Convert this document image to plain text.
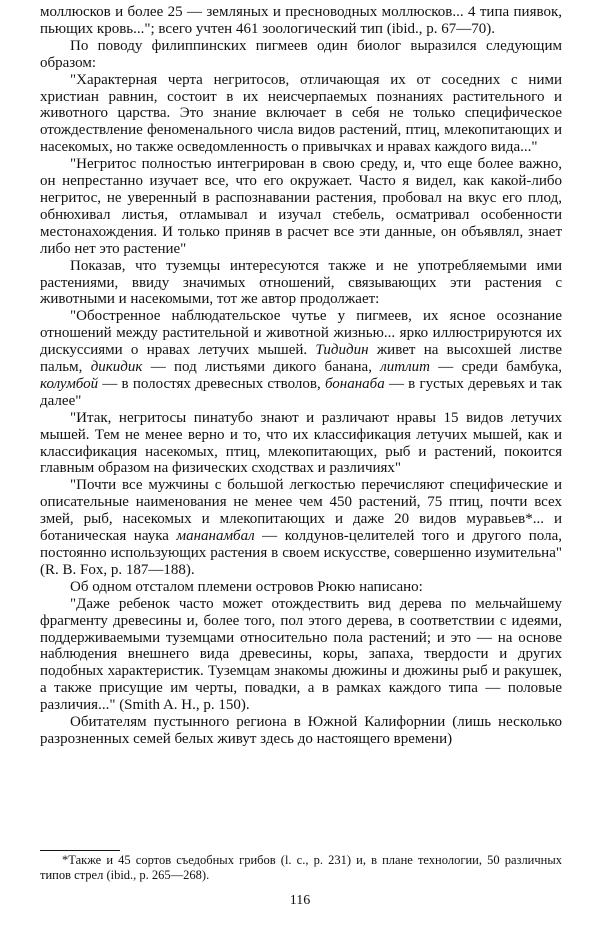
моллюсков и более 25 — земляных и пресноводных моллюсков... 4 типа пиявок, пьющих кровь..."; всего учтен 461 зоологический тип (ibid., р. 67—70).

По поводу филиппинских пигмеев один биолог выразился следующим образом:

"Характерная черта негритосов, отличающая их от соседних с ними христиан равнин, состоит в их неисчерпаемых познаниях растительного и животного царства. Это знание включает в себя не только специфическое отождествление феноменального числа видов растений, птиц, млекопитающих и насекомых, но также осведомленность о привычках и нравах каждого вида..."

"Негритос полностью интегрирован в свою среду, и, что еще более важно, он непрестанно изучает все, что его окружает. Часто я видел, как какой-либо негритос, не уверенный в распознавании растения, пробовал на вкус его плод, обнюхивал листья, отламывал и изучал стебель, осматривал особенности местонахождения. И только приняв в расчет все эти данные, он объявлял, знает либо нет это растение"

Показав, что туземцы интересуются также и не употребляемыми ими растениями, ввиду значимых отношений, связывающих эти растения с животными и насекомыми, тот же автор продолжает:

"Обостренное наблюдательское чутье у пигмеев, их ясное осознание отношений между растительной и животной жизнью... ярко иллюстрируются их дискуссиями о нравах летучих мышей. Тидидин живет на высохшей листве пальм, дикидик — под листьями дикого банана, литлит — среди бамбука, колумбой — в полостях древесных стволов, бонанаба — в густых деревьях и так далее"

"Итак, негритосы пинатубо знают и различают нравы 15 видов летучих мышей. Тем не менее верно и то, что их классификация летучих мышей, как и классификация насекомых, птиц, млекопитающих, рыб и растений, покоится главным образом на физических сходствах и различиях"

"Почти все мужчины с большой легкостью перечисляют специфические и описательные наименования не менее чем 450 растений, 75 птиц, почти всех змей, рыб, насекомых и млекопитающих и даже 20 видов муравьев*... и ботаническая наука мананамбал — колдунов-целителей того и другого пола, постоянно использующих растения в своем искусстве, совершенно изумительна" (R. B. Fox, p. 187—188).

Об одном отсталом племени островов Рюкю написано:

"Даже ребенок часто может отождествить вид дерева по мельчайшему фрагменту древесины и, более того, пол этого дерева, в соответствии с идеями, поддерживаемыми туземцами относительно пола растений; и это — на основе наблюдения внешнего вида древесины, коры, запаха, твердости и других подобных характеристик. Туземцам знакомы дюжины и дюжины рыб и ракушек, а также присущие им черты, повадки, а в рамках каждого типа — половые различия..." (Smith A. H., p. 150).

Обитателям пустынного региона в Южной Калифорнии (лишь несколько разрозненных семей белых живут здесь до настоящего времени)

*Также и 45 сортов съедобных грибов (l. с., р. 231) и, в плане технологии, 50 различных типов стрел (ibid., р. 265—268).

116
